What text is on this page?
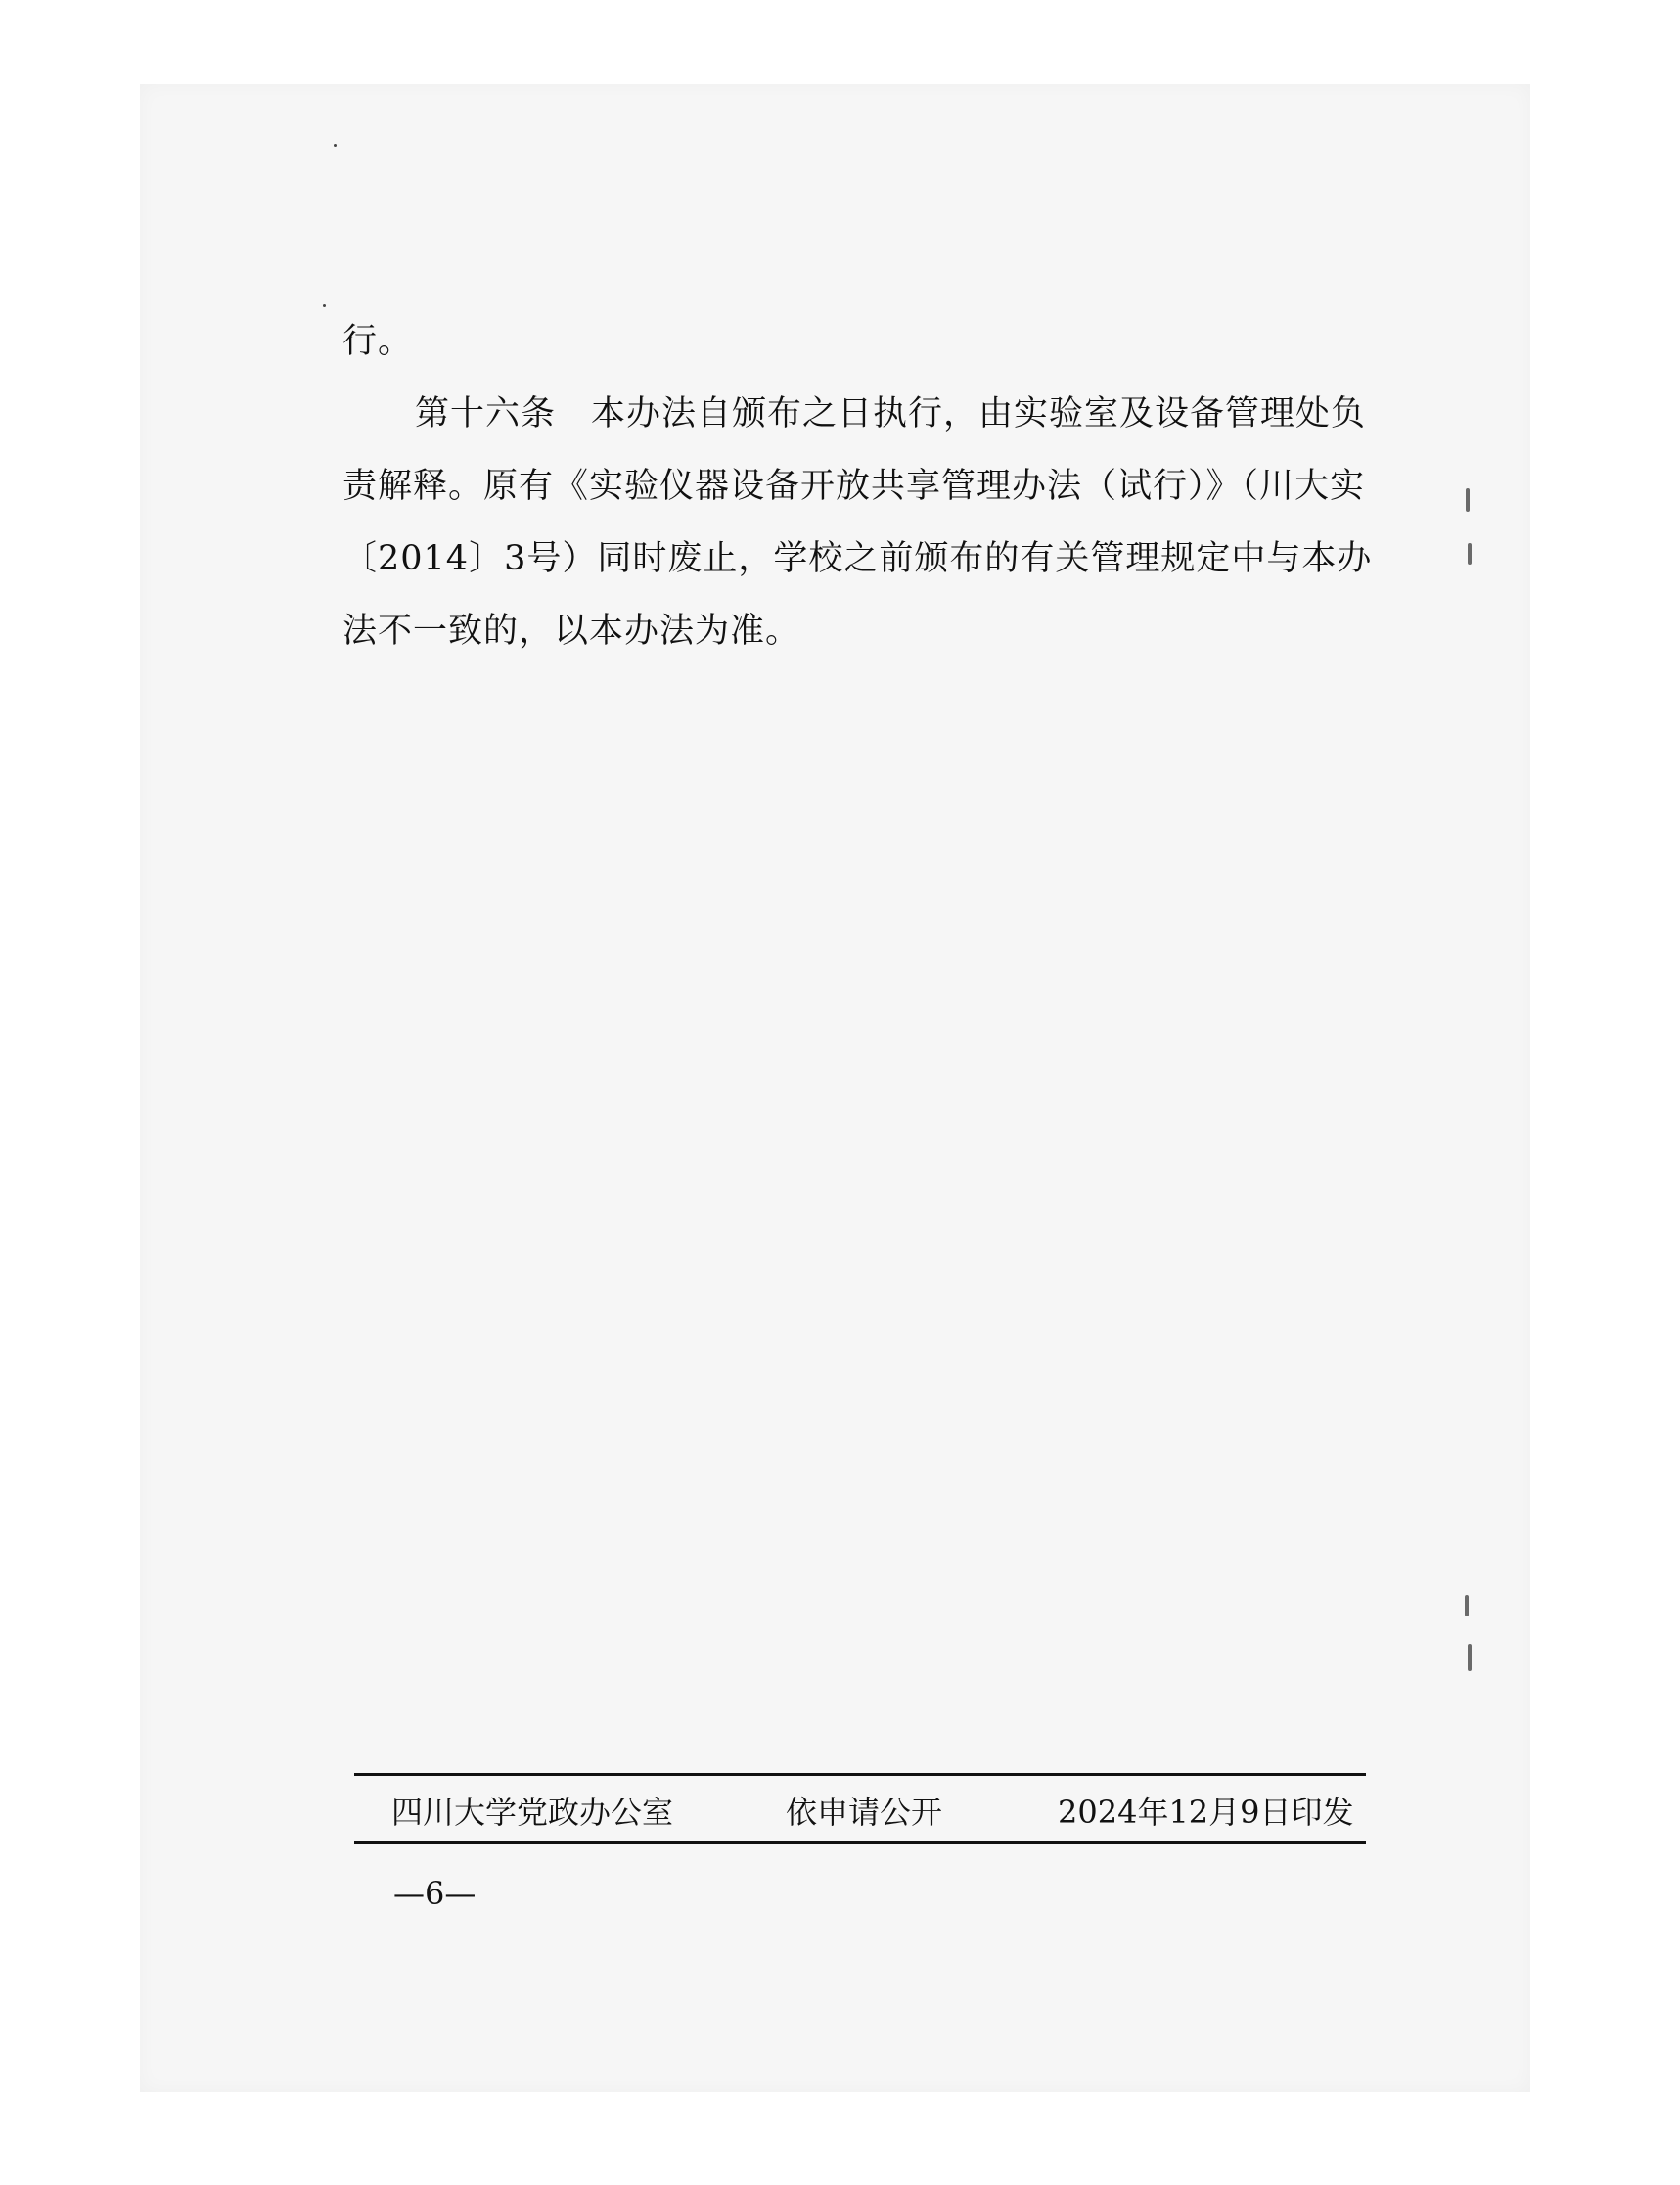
行。

第十六条　本办法自颁布之日执行，由实验室及设备管理处负责解释。原有《实验仪器设备开放共享管理办法（试行）》（川大实〔2014〕3号）同时废止，学校之前颁布的有关管理规定中与本办法不一致的，以本办法为准。

四川大学党政办公室	依申请公开	2024年12月9日印发
—6—
